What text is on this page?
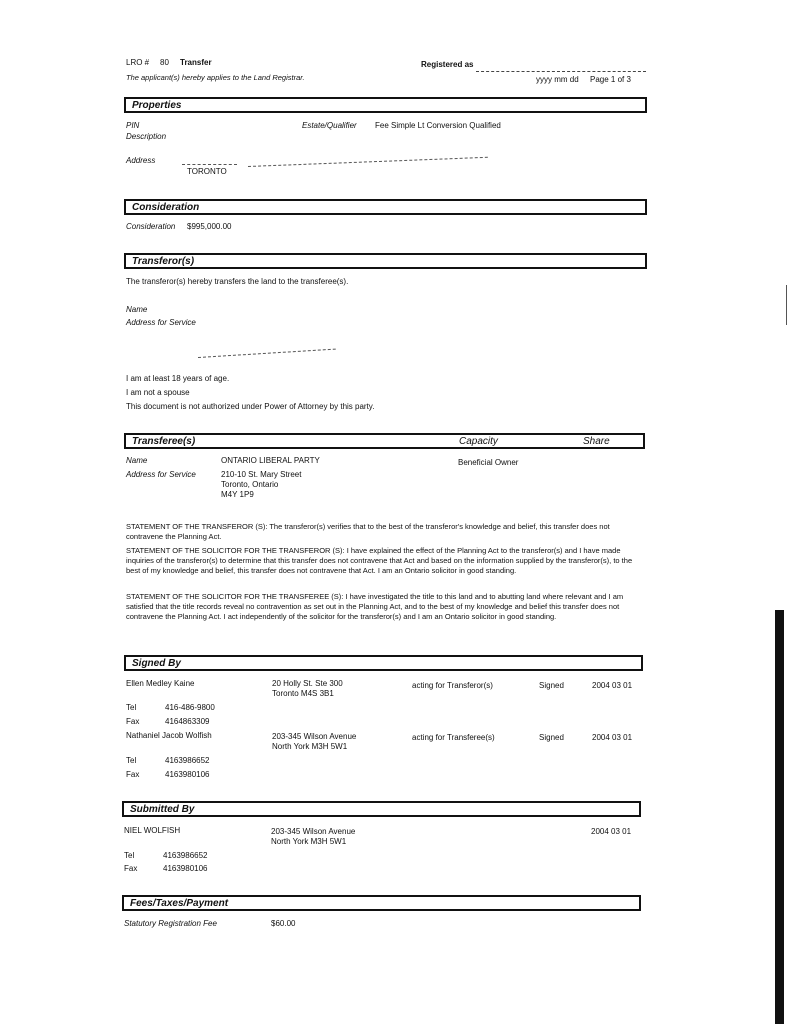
LRO # 80 Transfer	Registered as
The applicant(s) hereby applies to the Land Registrar.	yyyy mm dd Page 1 of 3
Properties
PIN	Estate/Qualifier Fee Simple Lt Conversion Qualified
Description
Address
TORONTO
Consideration
Consideration $995,000.00
Transferor(s)
The transferor(s) hereby transfers the land to the transferee(s).
Name
Address for Service
I am at least 18 years of age.
I am not a spouse
This document is not authorized under Power of Attorney by this party.
Transferee(s)	Capacity	Share
Name	ONTARIO LIBERAL PARTY	Beneficial Owner
Address for Service	210-10 St. Mary Street
Toronto, Ontario
M4Y 1P9
STATEMENT OF THE TRANSFEROR (S): The transferor(s) verifies that to the best of the transferor's knowledge and belief, this transfer does not contravene the Planning Act.
STATEMENT OF THE SOLICITOR FOR THE TRANSFEROR (S): I have explained the effect of the Planning Act to the transferor(s) and I have made inquiries of the transferor(s) to determine that this transfer does not contravene that Act and based on the information supplied by the transferor(s), to the best of my knowledge and belief, this transfer does not contravene that Act. I am an Ontario solicitor in good standing.
STATEMENT OF THE SOLICITOR FOR THE TRANSFEREE (S): I have investigated the title to this land and to abutting land where relevant and I am satisfied that the title records reveal no contravention as set out in the Planning Act, and to the best of my knowledge and belief this transfer does not contravene the Planning Act. I act independently of the solicitor for the transferor(s) and I am an Ontario solicitor in good standing.
Signed By
Ellen Medley Kaine	20 Holly St. Ste 300
Toronto M4S 3B1
acting for Transferor(s)	Signed	2004 03 01
Tel	416-486-9800
Fax	4164863309
Nathaniel Jacob Wolfish	203-345 Wilson Avenue
North York M3H 5W1
acting for Transferee(s)	Signed	2004 03 01
Tel	4163986652
Fax	4163980106
Submitted By
NIEL WOLFISH	203-345 Wilson Avenue
North York M3H 5W1
2004 03 01
Tel	4163986652
Fax	4163980106
Fees/Taxes/Payment
Statutory Registration Fee	$60.00
